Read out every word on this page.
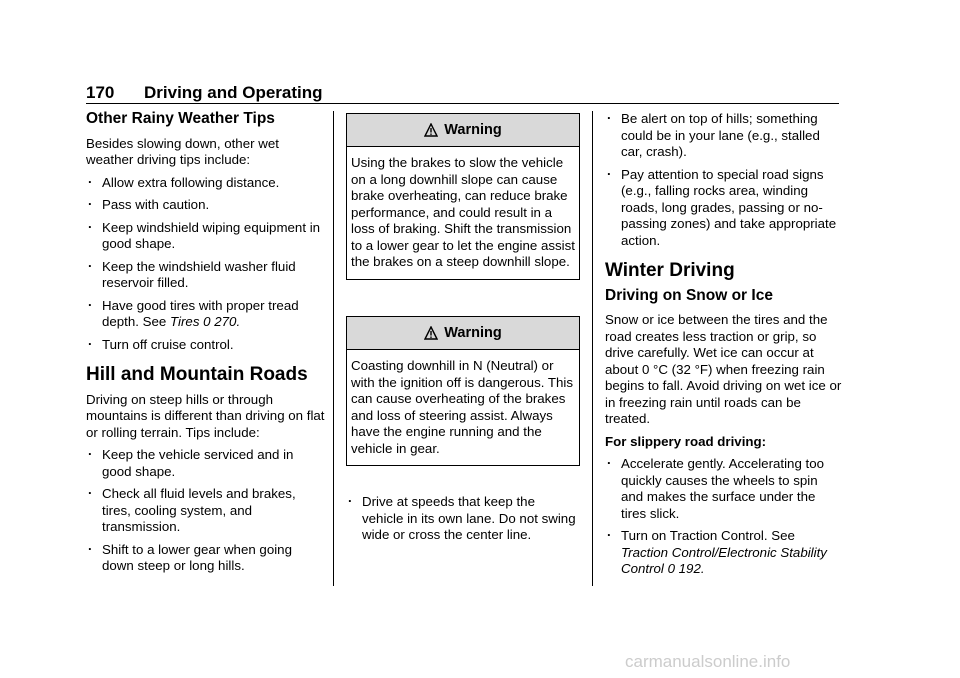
170 Driving and Operating
Other Rainy Weather Tips

Besides slowing down, other wet weather driving tips include:

. Allow extra following distance.
. Pass with caution.
. Keep windshield wiping equipment in good shape.
. Keep the windshield washer fluid reservoir filled.
. Have good tires with proper tread depth. See Tires 0 270.
. Turn off cruise control.
Hill and Mountain Roads

Driving on steep hills or through mountains is different than driving on flat or rolling terrain. Tips include:

. Keep the vehicle serviced and in good shape.
. Check all fluid levels and brakes, tires, cooling system, and transmission.
. Shift to a lower gear when going down steep or long hills.
Warning
Using the brakes to slow the vehicle on a long downhill slope can cause brake overheating, can reduce brake performance, and could result in a loss of braking. Shift the transmission to a lower gear to let the engine assist the brakes on a steep downhill slope.
Warning
Coasting downhill in N (Neutral) or with the ignition off is dangerous. This can cause overheating of the brakes and loss of steering assist. Always have the engine running and the vehicle in gear.
. Drive at speeds that keep the vehicle in its own lane. Do not swing wide or cross the center line.
. Be alert on top of hills; something could be in your lane (e.g., stalled car, crash).
. Pay attention to special road signs (e.g., falling rocks area, winding roads, long grades, passing or no-passing zones) and take appropriate action.
Winter Driving
Driving on Snow or Ice

Snow or ice between the tires and the road creates less traction or grip, so drive carefully. Wet ice can occur at about 0 °C (32 °F) when freezing rain begins to fall. Avoid driving on wet ice or in freezing rain until roads can be treated.

For slippery road driving:

. Accelerate gently. Accelerating too quickly causes the wheels to spin and makes the surface under the tires slick.
. Turn on Traction Control. See Traction Control/Electronic Stability Control 0 192.
carmanualsonline.info
